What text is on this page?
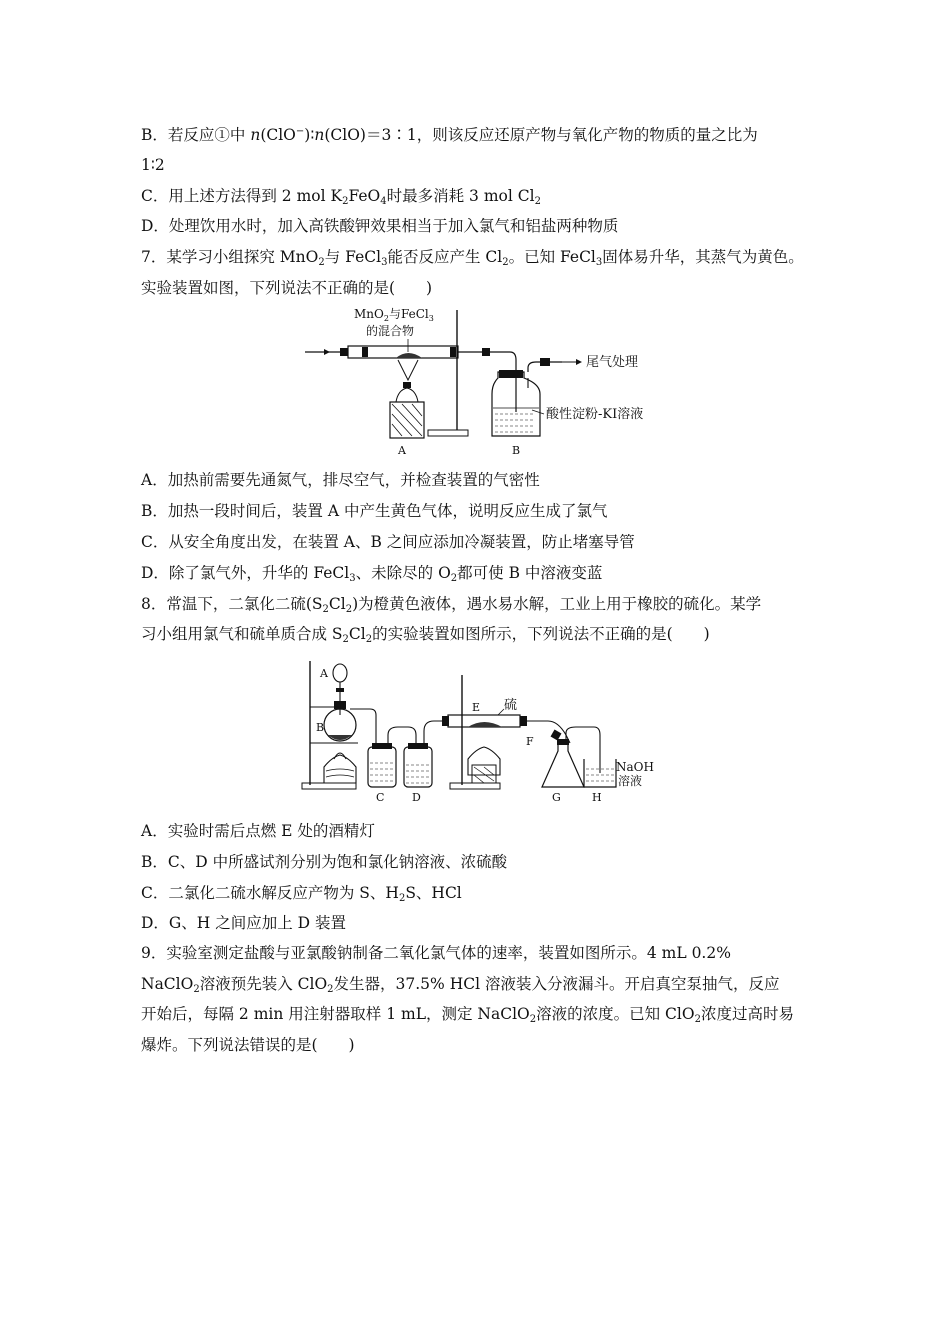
B．若反应①中 n(ClO−)∶n(ClO)＝3∶1，则该反应还原产物与氧化产物的物质的量之比为
1∶2
C．用上述方法得到 2 mol $K_2FeO_4$时最多消耗 3 mol $Cl_2$
D．处理饮用水时，加入高铁酸钾效果相当于加入氯气和铝盐两种物质
7．某学习小组探究 MnO$_2$与 FeCl$_3$能否反应产生 $Cl_2$。已知 FeCl$_3$固体易升华，其蒸气为黄色。
实验装置如图，下列说法不正确的是(　　)
MnO$_2$与FeCl$_3$
的混合物
A
尾气处理
酸性淀粉-KI溶液
B
A．加热前需要先通氮气，排尽空气，并检查装置的气密性
B．加热一段时间后，装置 A 中产生黄色气体，说明反应生成了氯气
C．从安全角度出发，在装置 A、B 之间应添加冷凝装置，防止堵塞导管
D．除了氯气外，升华的 FeCl$_3$、未除尽的 $O_2$都可使 B 中溶液变蓝
8．常温下，二氯化二硫$(S_2Cl_2)$为橙黄色液体，遇水易水解，工业上用于橡胶的硫化。某学
习小组用氯气和硫单质合成 $S_2Cl_2$的实验装置如图所示，下列说法不正确的是(　　)
A
B
C	D
E 硫
F
G	H
NaOH
溶液
A．实验时需后点燃 E 处的酒精灯
B．C、D 中所盛试剂分别为饱和氯化钠溶液、浓硫酸
C．二氯化二硫水解反应产物为 S、$H_2S$、HCl
D．G、H 之间应加上 D 装置
9．实验室测定盐酸与亚氯酸钠制备二氧化氯气体的速率，装置如图所示。4 mL 0.2%
NaClO$_2$溶液预先装入 ClO$_2$发生器，37.5% HCl 溶液装入分液漏斗。开启真空泵抽气，反应
开始后，每隔 2 min 用注射器取样 1 mL，测定 NaClO$_2$溶液的浓度。已知 ClO$_2$浓度过高时易
爆炸。下列说法错误的是(　　)
